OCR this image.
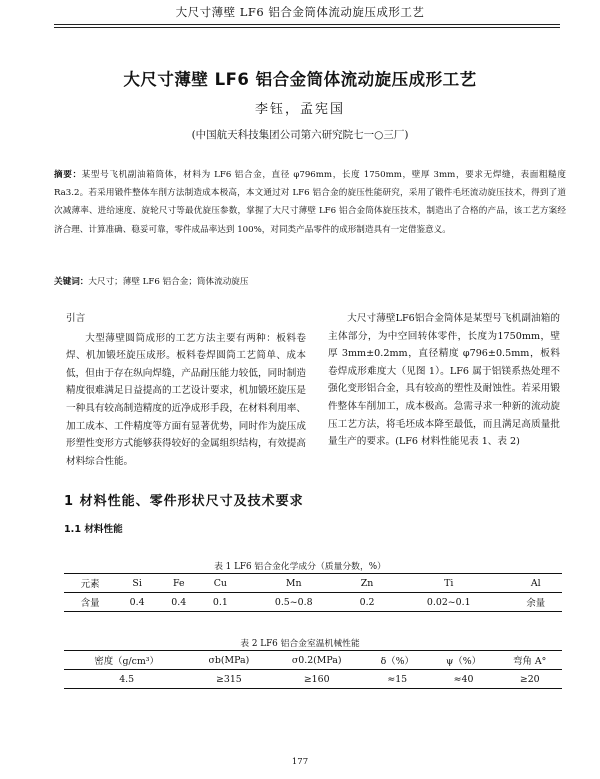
大尺寸薄壁 LF6 铝合金筒体流动旋压成形工艺
大尺寸薄壁 LF6 铝合金筒体流动旋压成形工艺
李钰，孟宪国
(中国航天科技集团公司第六研究院七一○三厂)
摘要：某型号飞机副油箱筒体，材料为 LF6 铝合金，直径 φ796mm，长度 1750mm，壁厚 3mm，要求无焊缝，表面粗糙度 Ra3.2。若采用锻件整体车削方法制造成本极高，本文通过对 LF6 铝合金的旋压性能研究，采用了锻件毛坯流动旋压技术，得到了道次减薄率、进给速度、旋轮尺寸等最优旋压参数，掌握了大尺寸薄壁 LF6 铝合金筒体旋压技术，制造出了合格的产品，该工艺方案经济合理、计算准确、稳妥可靠，零件成品率达到 100%，对同类产品零件的成形制造具有一定借鉴意义。
关键词：大尺寸；薄壁 LF6 铝合金；筒体流动旋压
引言

大型薄壁圆筒成形的工艺方法主要有两种：板料卷焊、机加锻坯旋压成形。板料卷焊圆筒工艺简单、成本低，但由于存在纵向焊缝，产品耐压能力较低，同时制造精度很难满足日益提高的工艺设计要求，机加锻坯旋压是一种具有较高制造精度的近净成形手段，在材料利用率、加工成本、工件精度等方面有显著优势，同时作为旋压成形塑性变形方式能够获得较好的金属组织结构，有效提高材料综合性能。

大尺寸薄壁LF6铝合金筒体是某型号飞机副油箱的主体部分，为中空回转体零件，长度为1750mm，壁厚 3mm±0.2mm，直径精度 φ796±0.5mm，板料卷焊成形难度大（见图 1）。LF6 属于铝镁系热处理不强化变形铝合金，具有较高的塑性及耐蚀性。若采用锻件整体车削加工，成本极高。急需寻求一种新的流动旋压工艺方法，将毛坯成本降至最低，而且满足高质量批量生产的要求。(LF6 材料性能见表 1、表 2)

1 材料性能、零件形状尺寸及技术要求
1.1 材料性能
表 1 LF6 铝合金化学成分（质量分数，%）
元素	Si	Fe	Cu	Mn	Zn	Ti	Al
含量	0.4	0.4	0.1	0.5~0.8	0.2	0.02~0.1	余量
表 2 LF6 铝合金室温机械性能
密度（g/cm³）	σb(MPa)	σ0.2(MPa)	δ（%）	ψ（%）	弯角 A°
4.5	≥315	≥160	≈15	≈40	≥20
177
